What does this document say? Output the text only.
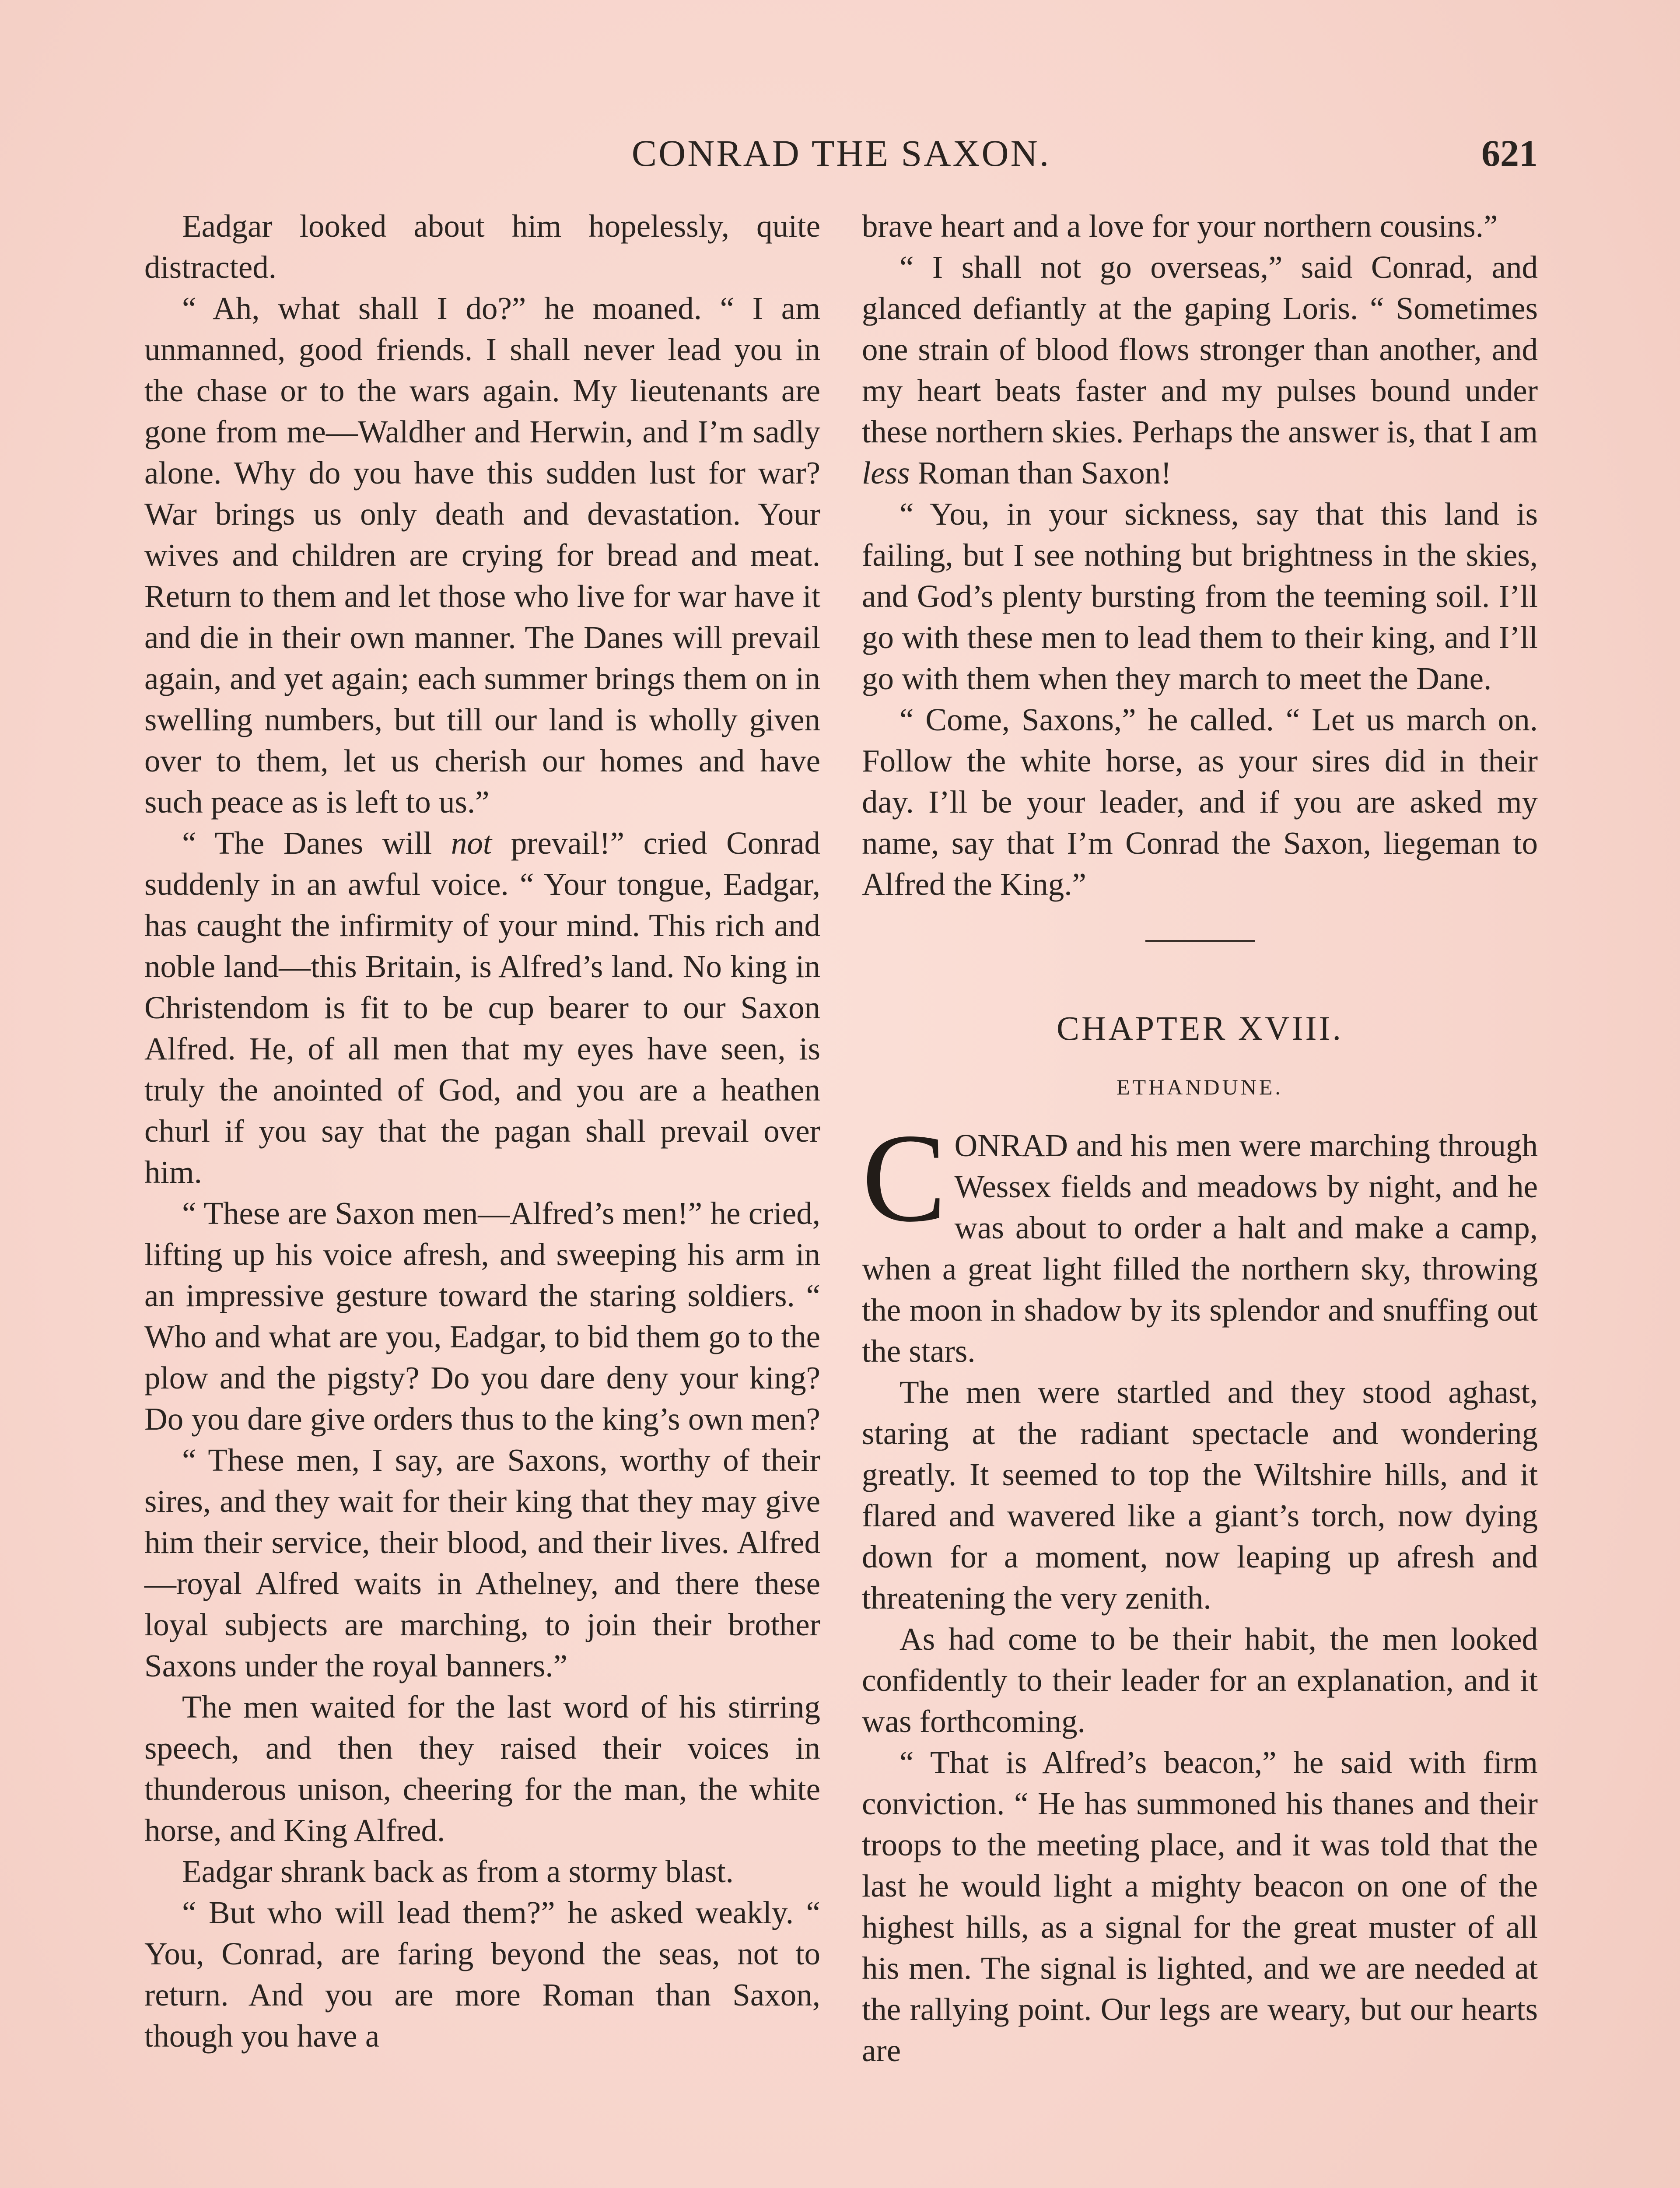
CONRAD THE SAXON.	621

Eadgar looked about him hopelessly, quite distracted.

“ Ah, what shall I do?” he moaned. “ I am unmanned, good friends. I shall never lead you in the chase or to the wars again. My lieutenants are gone from me—Waldher and Herwin, and I’m sadly alone. Why do you have this sudden lust for war? War brings us only death and devastation. Your wives and children are crying for bread and meat. Return to them and let those who live for war have it and die in their own manner. The Danes will prevail again, and yet again; each summer brings them on in swelling numbers, but till our land is wholly given over to them, let us cherish our homes and have such peace as is left to us.”

“ The Danes will not prevail!” cried Conrad suddenly in an awful voice. “ Your tongue, Eadgar, has caught the infirmity of your mind. This rich and noble land—this Britain, is Alfred’s land. No king in Christendom is fit to be cup bearer to our Saxon Alfred. He, of all men that my eyes have seen, is truly the anointed of God, and you are a heathen churl if you say that the pagan shall prevail over him.

“ These are Saxon men—Alfred’s men!” he cried, lifting up his voice afresh, and sweeping his arm in an impressive gesture toward the staring soldiers. “ Who and what are you, Eadgar, to bid them go to the plow and the pigsty? Do you dare deny your king? Do you dare give orders thus to the king’s own men?

“ These men, I say, are Saxons, worthy of their sires, and they wait for their king that they may give him their service, their blood, and their lives. Alfred—royal Alfred waits in Athelney, and there these loyal subjects are marching, to join their brother Saxons under the royal banners.”

The men waited for the last word of his stirring speech, and then they raised their voices in thunderous unison, cheering for the man, the white horse, and King Alfred.

Eadgar shrank back as from a stormy blast.

“ But who will lead them?” he asked weakly. “ You, Conrad, are faring beyond the seas, not to return. And you are more Roman than Saxon, though you have a

brave heart and a love for your northern cousins.”

“ I shall not go overseas,” said Conrad, and glanced defiantly at the gaping Loris. “ Sometimes one strain of blood flows stronger than another, and my heart beats faster and my pulses bound under these northern skies. Perhaps the answer is, that I am less Roman than Saxon!

“ You, in your sickness, say that this land is failing, but I see nothing but brightness in the skies, and God’s plenty bursting from the teeming soil. I’ll go with these men to lead them to their king, and I’ll go with them when they march to meet the Dane.

“ Come, Saxons,” he called. “ Let us march on. Follow the white horse, as your sires did in their day. I’ll be your leader, and if you are asked my name, say that I’m Conrad the Saxon, liegeman to Alfred the King.”

CHAPTER XVIII.
ETHANDUNE.

CONRAD and his men were marching through Wessex fields and meadows by night, and he was about to order a halt and make a camp, when a great light filled the northern sky, throwing the moon in shadow by its splendor and snuffing out the stars.

The men were startled and they stood aghast, staring at the radiant spectacle and wondering greatly. It seemed to top the Wiltshire hills, and it flared and wavered like a giant’s torch, now dying down for a moment, now leaping up afresh and threatening the very zenith.

As had come to be their habit, the men looked confidently to their leader for an explanation, and it was forthcoming.

“ That is Alfred’s beacon,” he said with firm conviction. “ He has summoned his thanes and their troops to the meeting place, and it was told that the last he would light a mighty beacon on one of the highest hills, as a signal for the great muster of all his men. The signal is lighted, and we are needed at the rallying point. Our legs are weary, but our hearts are
